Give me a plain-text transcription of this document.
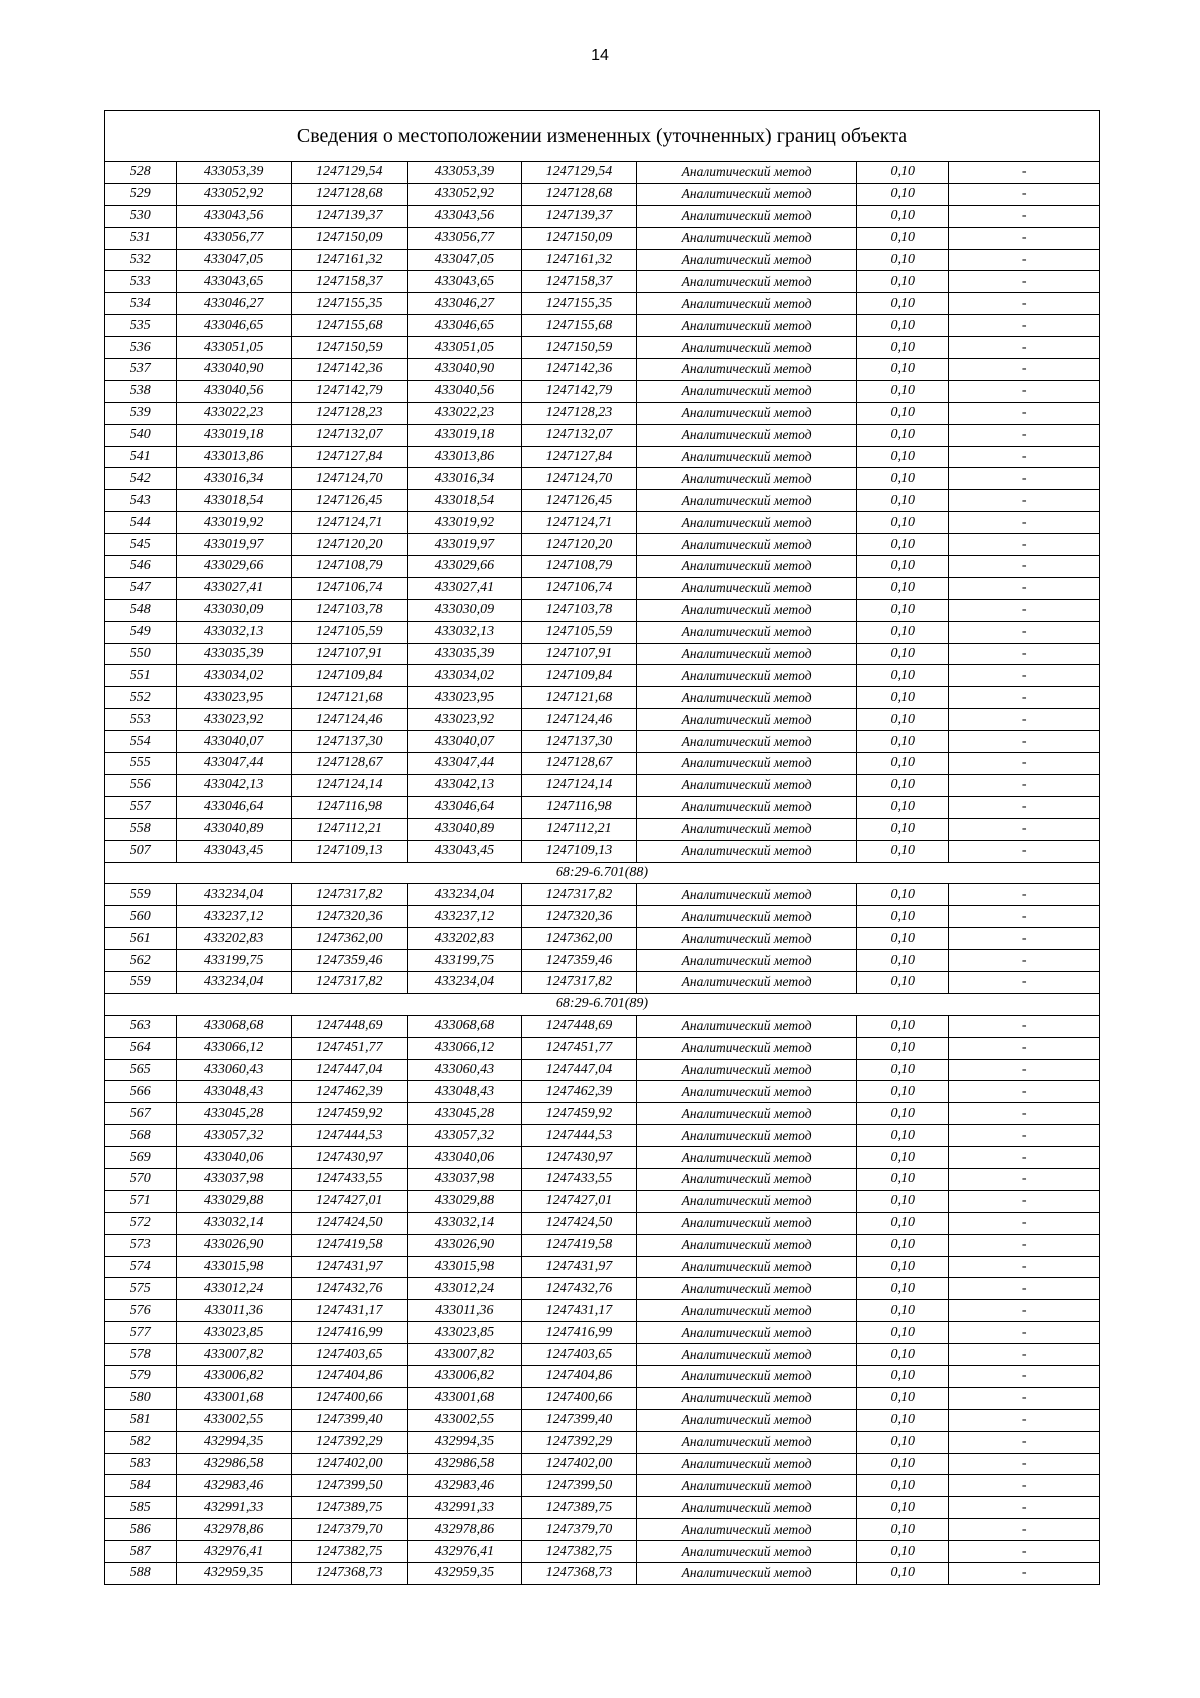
14
Сведения о местоположении измененных (уточненных) границ объекта
528	433053,39	1247129,54	433053,39	1247129,54	Аналитический метод	0,10	-
529	433052,92	1247128,68	433052,92	1247128,68	Аналитический метод	0,10	-
530	433043,56	1247139,37	433043,56	1247139,37	Аналитический метод	0,10	-
531	433056,77	1247150,09	433056,77	1247150,09	Аналитический метод	0,10	-
532	433047,05	1247161,32	433047,05	1247161,32	Аналитический метод	0,10	-
533	433043,65	1247158,37	433043,65	1247158,37	Аналитический метод	0,10	-
534	433046,27	1247155,35	433046,27	1247155,35	Аналитический метод	0,10	-
535	433046,65	1247155,68	433046,65	1247155,68	Аналитический метод	0,10	-
536	433051,05	1247150,59	433051,05	1247150,59	Аналитический метод	0,10	-
537	433040,90	1247142,36	433040,90	1247142,36	Аналитический метод	0,10	-
538	433040,56	1247142,79	433040,56	1247142,79	Аналитический метод	0,10	-
539	433022,23	1247128,23	433022,23	1247128,23	Аналитический метод	0,10	-
540	433019,18	1247132,07	433019,18	1247132,07	Аналитический метод	0,10	-
541	433013,86	1247127,84	433013,86	1247127,84	Аналитический метод	0,10	-
542	433016,34	1247124,70	433016,34	1247124,70	Аналитический метод	0,10	-
543	433018,54	1247126,45	433018,54	1247126,45	Аналитический метод	0,10	-
544	433019,92	1247124,71	433019,92	1247124,71	Аналитический метод	0,10	-
545	433019,97	1247120,20	433019,97	1247120,20	Аналитический метод	0,10	-
546	433029,66	1247108,79	433029,66	1247108,79	Аналитический метод	0,10	-
547	433027,41	1247106,74	433027,41	1247106,74	Аналитический метод	0,10	-
548	433030,09	1247103,78	433030,09	1247103,78	Аналитический метод	0,10	-
549	433032,13	1247105,59	433032,13	1247105,59	Аналитический метод	0,10	-
550	433035,39	1247107,91	433035,39	1247107,91	Аналитический метод	0,10	-
551	433034,02	1247109,84	433034,02	1247109,84	Аналитический метод	0,10	-
552	433023,95	1247121,68	433023,95	1247121,68	Аналитический метод	0,10	-
553	433023,92	1247124,46	433023,92	1247124,46	Аналитический метод	0,10	-
554	433040,07	1247137,30	433040,07	1247137,30	Аналитический метод	0,10	-
555	433047,44	1247128,67	433047,44	1247128,67	Аналитический метод	0,10	-
556	433042,13	1247124,14	433042,13	1247124,14	Аналитический метод	0,10	-
557	433046,64	1247116,98	433046,64	1247116,98	Аналитический метод	0,10	-
558	433040,89	1247112,21	433040,89	1247112,21	Аналитический метод	0,10	-
507	433043,45	1247109,13	433043,45	1247109,13	Аналитический метод	0,10	-
68:29-6.701(88)							
559	433234,04	1247317,82	433234,04	1247317,82	Аналитический метод	0,10	-
560	433237,12	1247320,36	433237,12	1247320,36	Аналитический метод	0,10	-
561	433202,83	1247362,00	433202,83	1247362,00	Аналитический метод	0,10	-
562	433199,75	1247359,46	433199,75	1247359,46	Аналитический метод	0,10	-
559	433234,04	1247317,82	433234,04	1247317,82	Аналитический метод	0,10	-
68:29-6.701(89)							
563	433068,68	1247448,69	433068,68	1247448,69	Аналитический метод	0,10	-
564	433066,12	1247451,77	433066,12	1247451,77	Аналитический метод	0,10	-
565	433060,43	1247447,04	433060,43	1247447,04	Аналитический метод	0,10	-
566	433048,43	1247462,39	433048,43	1247462,39	Аналитический метод	0,10	-
567	433045,28	1247459,92	433045,28	1247459,92	Аналитический метод	0,10	-
568	433057,32	1247444,53	433057,32	1247444,53	Аналитический метод	0,10	-
569	433040,06	1247430,97	433040,06	1247430,97	Аналитический метод	0,10	-
570	433037,98	1247433,55	433037,98	1247433,55	Аналитический метод	0,10	-
571	433029,88	1247427,01	433029,88	1247427,01	Аналитический метод	0,10	-
572	433032,14	1247424,50	433032,14	1247424,50	Аналитический метод	0,10	-
573	433026,90	1247419,58	433026,90	1247419,58	Аналитический метод	0,10	-
574	433015,98	1247431,97	433015,98	1247431,97	Аналитический метод	0,10	-
575	433012,24	1247432,76	433012,24	1247432,76	Аналитический метод	0,10	-
576	433011,36	1247431,17	433011,36	1247431,17	Аналитический метод	0,10	-
577	433023,85	1247416,99	433023,85	1247416,99	Аналитический метод	0,10	-
578	433007,82	1247403,65	433007,82	1247403,65	Аналитический метод	0,10	-
579	433006,82	1247404,86	433006,82	1247404,86	Аналитический метод	0,10	-
580	433001,68	1247400,66	433001,68	1247400,66	Аналитический метод	0,10	-
581	433002,55	1247399,40	433002,55	1247399,40	Аналитический метод	0,10	-
582	432994,35	1247392,29	432994,35	1247392,29	Аналитический метод	0,10	-
583	432986,58	1247402,00	432986,58	1247402,00	Аналитический метод	0,10	-
584	432983,46	1247399,50	432983,46	1247399,50	Аналитический метод	0,10	-
585	432991,33	1247389,75	432991,33	1247389,75	Аналитический метод	0,10	-
586	432978,86	1247379,70	432978,86	1247379,70	Аналитический метод	0,10	-
587	432976,41	1247382,75	432976,41	1247382,75	Аналитический метод	0,10	-
588	432959,35	1247368,73	432959,35	1247368,73	Аналитический метод	0,10	-
